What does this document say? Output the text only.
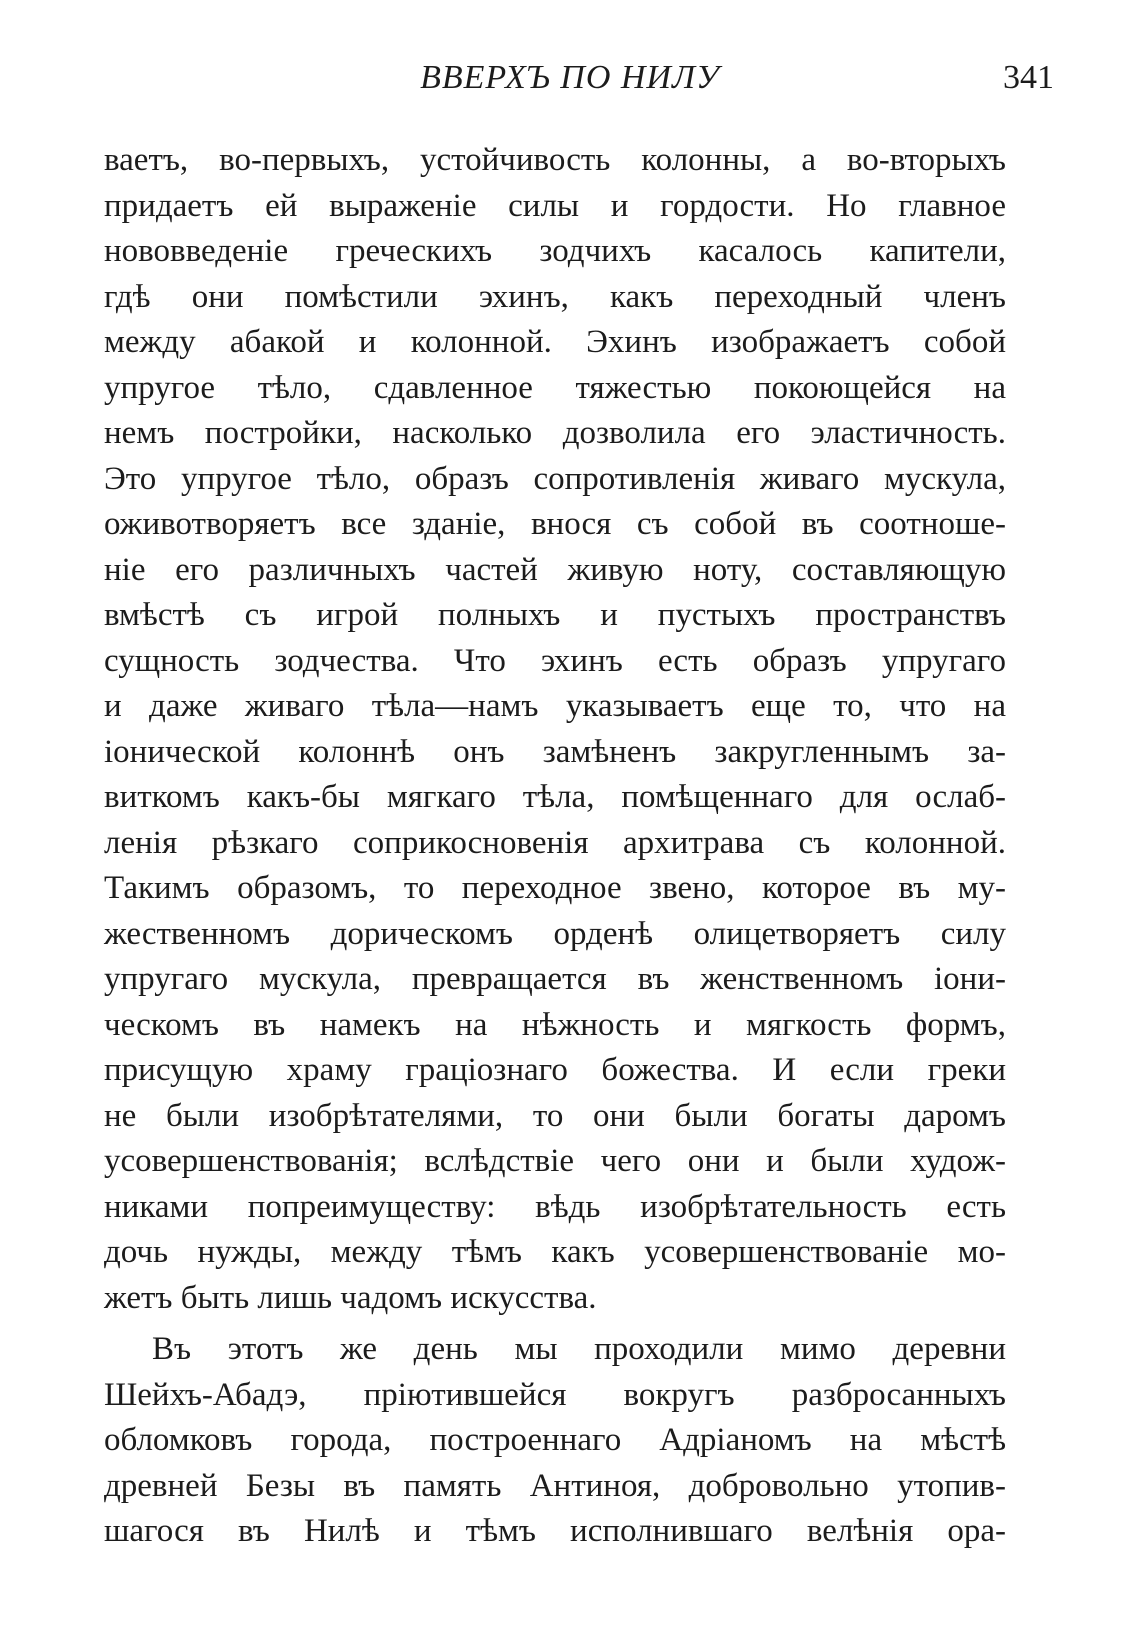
ВВЕРХЪ ПО НИЛУ	341
ваетъ, во-первыхъ, устойчивость колонны, а во-вторыхъ
придаетъ ей выраженіе силы и гордости. Но главное
нововведеніе греческихъ зодчихъ касалось капители,
гдѣ они помѣстили эхинъ, какъ переходный членъ
между абакой и колонной. Эхинъ изображаетъ собой
упругое тѣло, сдавленное тяжестью покоющейся на
немъ постройки, насколько дозволила его эластичность.
Это упругое тѣло, образъ сопротивленія живаго мускула,
оживотворяетъ все зданіе, внося съ собой въ соотноше-
ніе его различныхъ частей живую ноту, составляющую
вмѣстѣ съ игрой полныхъ и пустыхъ пространствъ
сущность зодчества. Что эхинъ есть образъ упругаго
и даже живаго тѣла—намъ указываетъ еще то, что на
іонической колоннѣ онъ замѣненъ закругленнымъ за-
виткомъ какъ-бы мягкаго тѣла, помѣщеннаго для ослаб-
ленія рѣзкаго соприкосновенія архитрава съ колонной.
Такимъ образомъ, то переходное звено, которое въ му-
жественномъ дорическомъ орденѣ олицетворяетъ силу
упругаго мускула, превращается въ женственномъ іони-
ческомъ въ намекъ на нѣжность и мягкость формъ,
присущую храму граціознаго божества. И если греки
не были изобрѣтателями, то они были богаты даромъ
усовершенствованія; вслѣдствіе чего они и были худож-
никами попреимуществу: вѣдь изобрѣтательность есть
дочь нужды, между тѣмъ какъ усовершенствованіе мо-
жетъ быть лишь чадомъ искусства.
Въ этотъ же день мы проходили мимо деревни
Шейхъ-Абадэ, пріютившейся вокругъ разбросанныхъ
обломковъ города, построеннаго Адріаномъ на мѣстѣ
древней Безы въ память Антиноя, добровольно утопив-
шагося въ Нилѣ и тѣмъ исполнившаго велѣнія ора-
